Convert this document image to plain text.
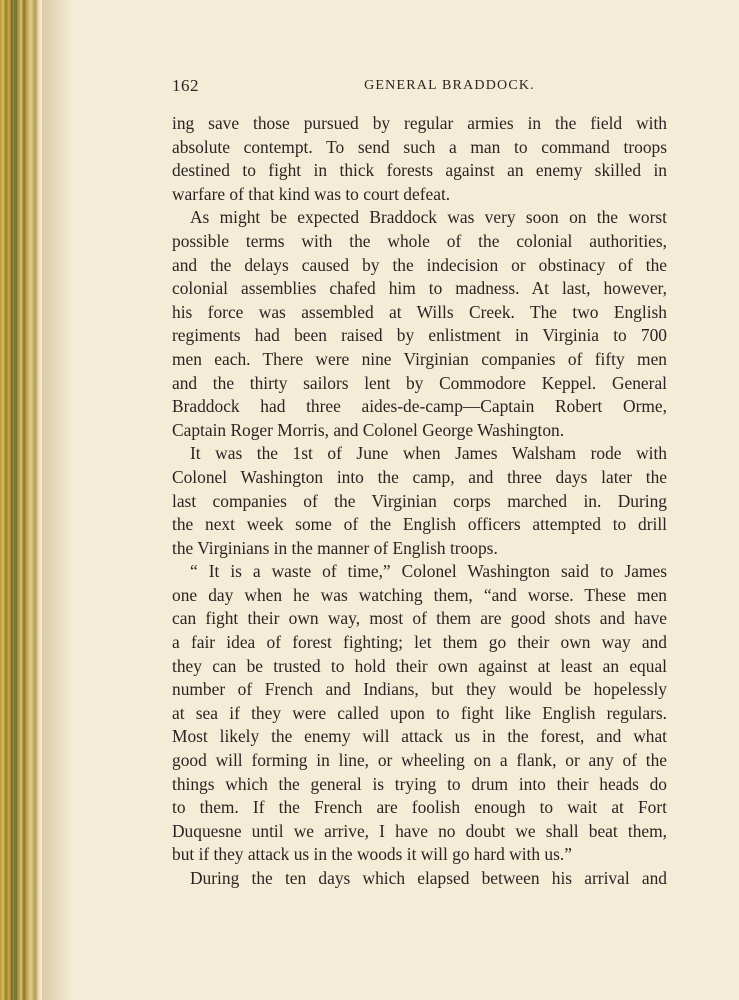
162	GENERAL BRADDOCK.
ing save those pursued by regular armies in the field with
absolute contempt. To send such a man to command troops
destined to fight in thick forests against an enemy skilled in
warfare of that kind was to court defeat.
As might be expected Braddock was very soon on the worst
possible terms with the whole of the colonial authorities,
and the delays caused by the indecision or obstinacy of the
colonial assemblies chafed him to madness. At last, however,
his force was assembled at Wills Creek. The two English
regiments had been raised by enlistment in Virginia to 700
men each. There were nine Virginian companies of fifty men
and the thirty sailors lent by Commodore Keppel. General
Braddock had three aides-de-camp—Captain Robert Orme,
Captain Roger Morris, and Colonel George Washington.
It was the 1st of June when James Walsham rode with
Colonel Washington into the camp, and three days later the
last companies of the Virginian corps marched in. During
the next week some of the English officers attempted to drill
the Virginians in the manner of English troops.
“ It is a waste of time,” Colonel Washington said to James
one day when he was watching them, “and worse. These men
can fight their own way, most of them are good shots and have
a fair idea of forest fighting; let them go their own way and
they can be trusted to hold their own against at least an equal
number of French and Indians, but they would be hopelessly
at sea if they were called upon to fight like English regulars.
Most likely the enemy will attack us in the forest, and what
good will forming in line, or wheeling on a flank, or any of the
things which the general is trying to drum into their heads do
to them. If the French are foolish enough to wait at Fort
Duquesne until we arrive, I have no doubt we shall beat them,
but if they attack us in the woods it will go hard with us.”
During the ten days which elapsed between his arrival and
